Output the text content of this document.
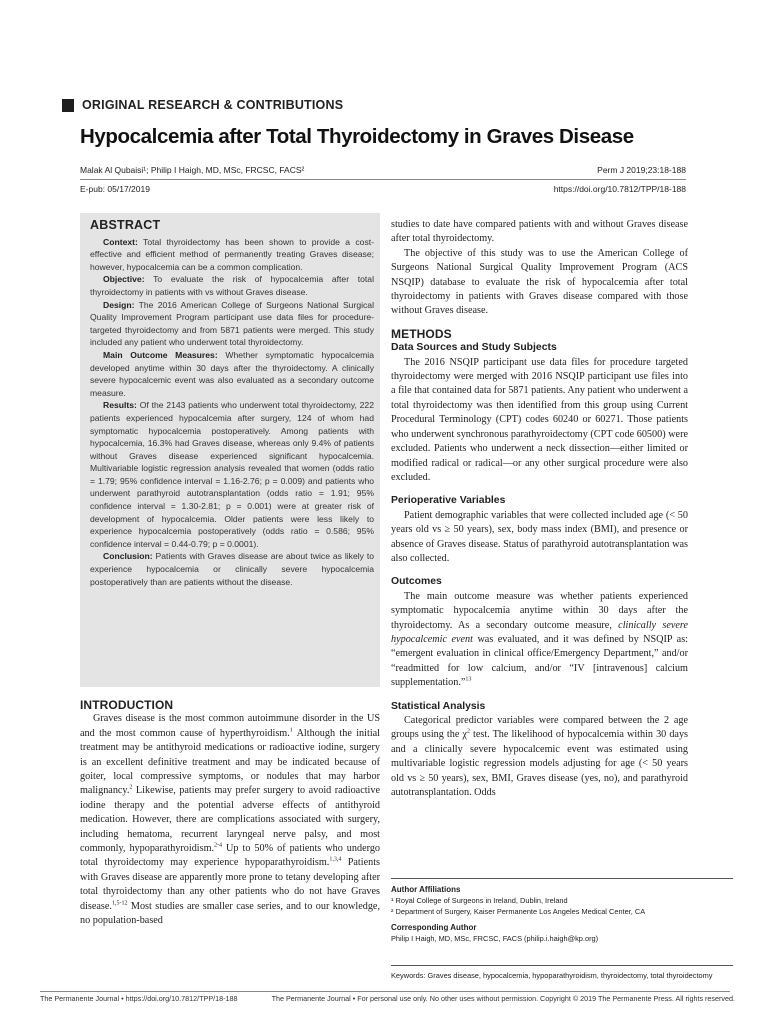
ORIGINAL RESEARCH & CONTRIBUTIONS
Hypocalcemia after Total Thyroidectomy in Graves Disease
Malak Al Qubaisi¹; Philip I Haigh, MD, MSc, FRCSC, FACS²	Perm J 2019;23:18-188
E-pub: 05/17/2019	https://doi.org/10.7812/TPP/18-188

ABSTRACT

Context: Total thyroidectomy has been shown to provide a cost-effective and efficient method of permanently treating Graves disease; however, hypocalcemia can be a common complication.

Objective: To evaluate the risk of hypocalcemia after total thyroidectomy in patients with vs without Graves disease.

Design: The 2016 American College of Surgeons National Surgical Quality Improvement Program participant use data files for procedure-targeted thyroidectomy and from 5871 patients were merged. This study included any patient who underwent total thyroidectomy.

Main Outcome Measures: Whether symptomatic hypocalcemia developed anytime within 30 days after the thyroidectomy. A clinically severe hypocalcemic event was also evaluated as a secondary outcome measure.

Results: Of the 2143 patients who underwent total thyroidectomy, 222 patients experienced hypocalcemia after surgery, 124 of whom had symptomatic hypocalcemia postoperatively. Among patients with hypocalcemia, 16.3% had Graves disease, whereas only 9.4% of patients without Graves disease experienced significant hypocalcemia. Multivariable logistic regression analysis revealed that women (odds ratio = 1.79; 95% confidence interval = 1.16-2.76; p = 0.009) and patients who underwent parathyroid autotransplantation (odds ratio = 1.91; 95% confidence interval = 1.30-2.81; p = 0.001) were at greater risk of development of hypocalcemia. Older patients were less likely to experience hypocalcemia postoperatively (odds ratio = 0.586; 95% confidence interval = 0.44-0.79; p = 0.0001).

Conclusion: Patients with Graves disease are about twice as likely to experience hypocalcemia or clinically severe hypocalcemia postoperatively than are patients without the disease.

INTRODUCTION

Graves disease is the most common autoimmune disorder in the US and the most common cause of hyperthyroidism.$^1$ Although the initial treatment may be antithyroid medications or radioactive iodine, surgery is an excellent definitive treatment and may be indicated because of goiter, local compressive symptoms, or nodules that may harbor malignancy.$^2$ Likewise, patients may prefer surgery to avoid radioactive iodine therapy and the potential adverse effects of antithyroid medication. However, there are complications associated with surgery, including hematoma, recurrent laryngeal nerve palsy, and most commonly, hypoparathyroidism.$^{2-4}$ Up to 50% of patients who undergo total thyroidectomy may experience hypoparathyroidism.$^{1,3,4}$ Patients with Graves disease are apparently more prone to tetany developing after total thyroidectomy than any other patients who do not have Graves disease.$^{1,5-12}$ Most studies are smaller case series, and to our knowledge, no population-based

studies to date have compared patients with and without Graves disease after total thyroidectomy.

The objective of this study was to use the American College of Surgeons National Surgical Quality Improvement Program (ACS NSQIP) database to evaluate the risk of hypocalcemia after total thyroidectomy in patients with Graves disease compared with those without Graves disease.

METHODS

Data Sources and Study Subjects

The 2016 NSQIP participant use data files for procedure targeted thyroidectomy were merged with 2016 NSQIP participant use files into a file that contained data for 5871 patients. Any patient who underwent a total thyroidectomy was then identified from this group using Current Procedural Terminology (CPT) codes 60240 or 60271. Those patients who underwent synchronous parathyroidectomy (CPT code 60500) were excluded. Patients who underwent a neck dissection—either limited or modified radical or radical—or any other surgical procedure were also excluded.

Perioperative Variables

Patient demographic variables that were collected included age (< 50 years old vs ≥ 50 years), sex, body mass index (BMI), and presence or absence of Graves disease. Status of parathyroid autotransplantation was also collected.

Outcomes

The main outcome measure was whether patients experienced symptomatic hypocalcemia anytime within 30 days after the thyroidectomy. As a secondary outcome measure, clinically severe hypocalcemic event was evaluated, and it was defined by NSQIP as: “emergent evaluation in clinical office/Emergency Department,” and/or “readmitted for low calcium, and/or “IV [intravenous] calcium supplementation.”$^{13}$

Statistical Analysis

Categorical predictor variables were compared between the 2 age groups using the $\chi^2$ test. The likelihood of hypocalcemia within 30 days and a clinically severe hypocalcemic event was estimated using multivariable logistic regression models adjusting for age (< 50 years old vs ≥ 50 years), sex, BMI, Graves disease (yes, no), and parathyroid autotransplantation. Odds

Author Affiliations
¹ Royal College of Surgeons in Ireland, Dublin, Ireland
² Department of Surgery, Kaiser Permanente Los Angeles Medical Center, CA
Corresponding Author
Philip I Haigh, MD, MSc, FRCSC, FACS (philip.i.haigh@kp.org)
Keywords: Graves disease, hypocalcemia, hypoparathyroidism, thyroidectomy, total thyroidectomy
The Permanente Journal • https://doi.org/10.7812/TPP/18-188	The Permanente Journal • For personal use only. No other uses without permission. Copyright © 2019 The Permanente Press. All rights reserved.
